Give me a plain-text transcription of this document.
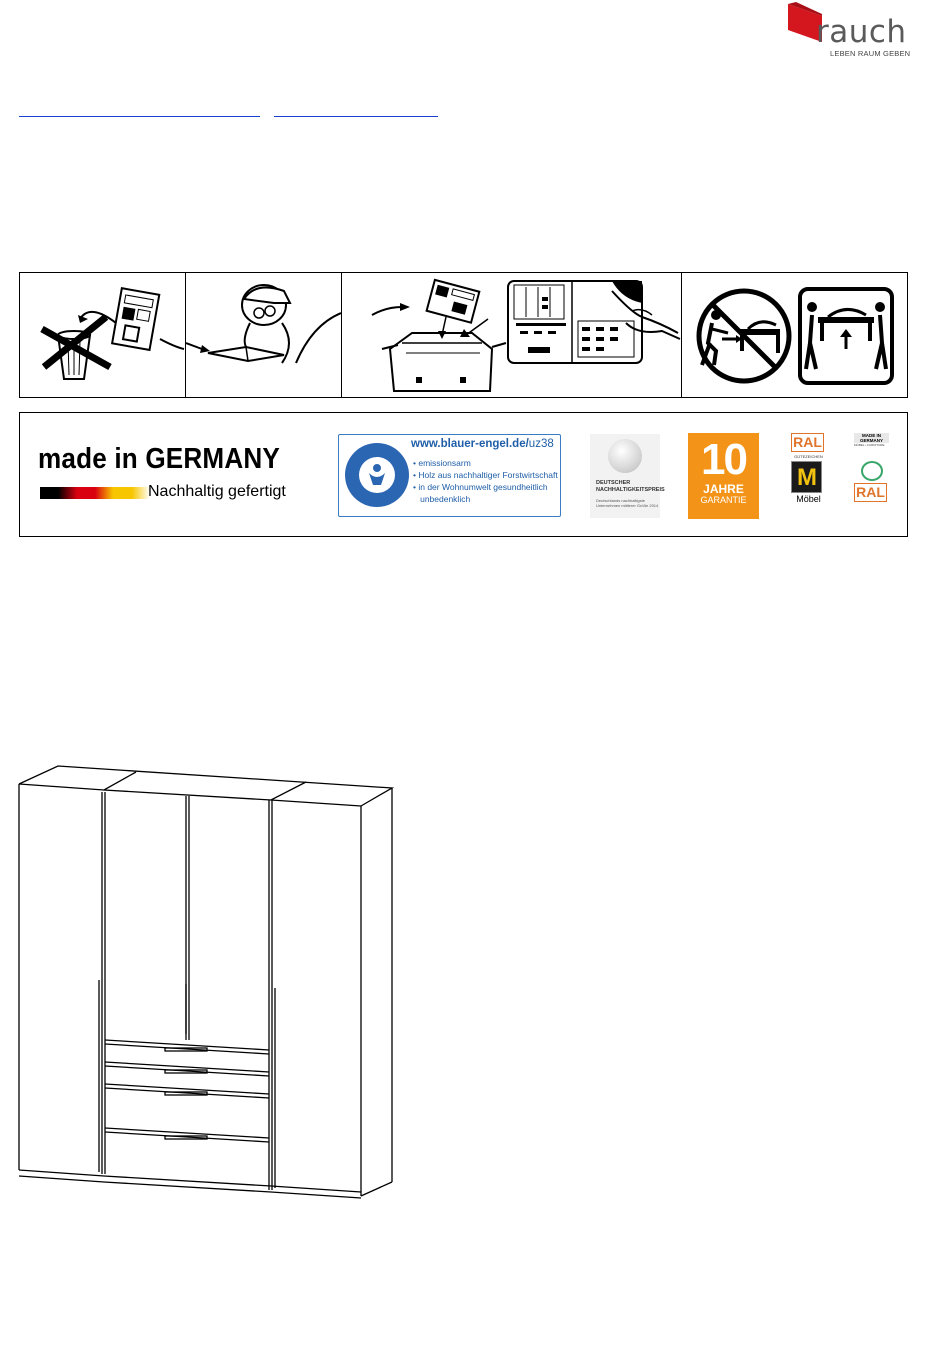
rauch
LEBEN RAUM GEBEN
made in GERMANY
Nachhaltig gefertigt
www.blauer-engel.de/uz38
• emissionsarm
• Holz aus nachhaltiger Forstwirtschaft
• in der Wohnumwelt gesundheitlich
unbedenklich
DEUTSCHER
NACHHALTIGKEITSPREIS
Deutschlands nachhaltigste
Unternehmen mittlerer Größe 2014
10
JAHRE
GARANTIE
RAL
GÜTEZEICHEN
M
Möbel
MADE IN
GERMANY
MÖBEL • FURNITURE
RAL
